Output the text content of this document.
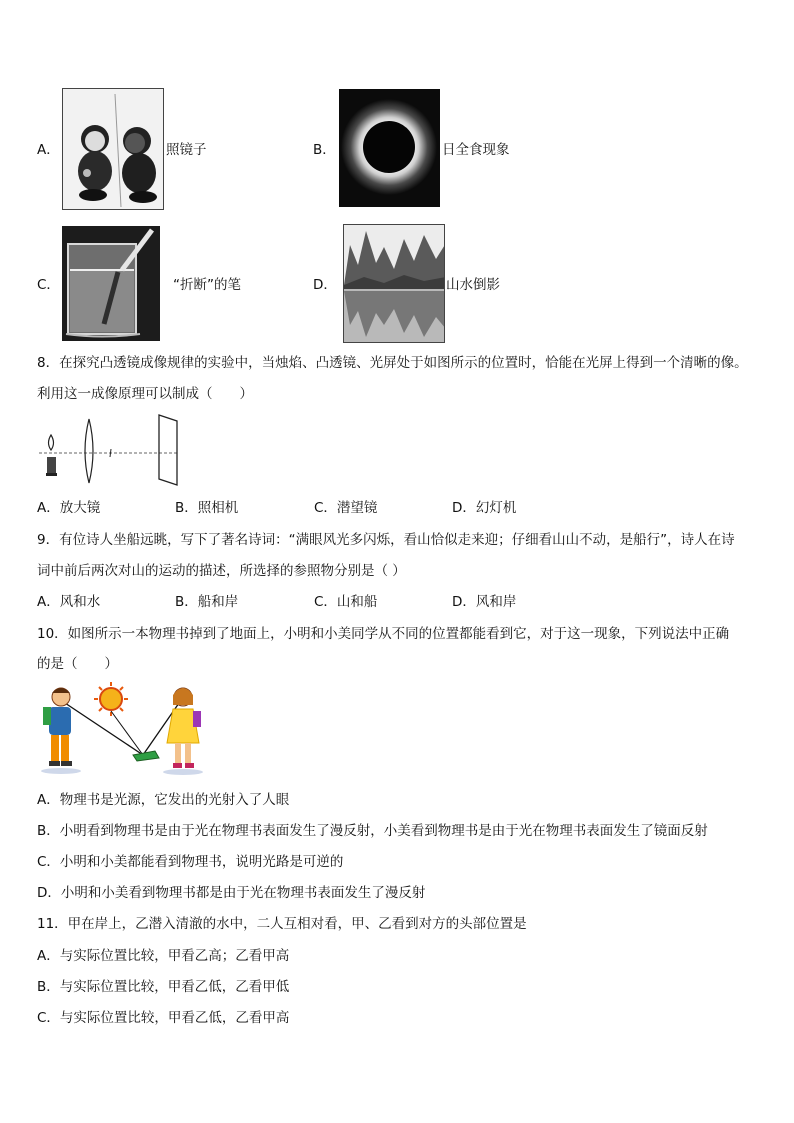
A．	照镜子	B．	日全食现象
C．	“折断”的笔	D．	山水倒影
8．在探究凸透镜成像规律的实验中，当烛焰、凸透镜、光屏处于如图所示的位置时，恰能在光屏上得到一个清晰的像。
利用这一成像原理可以制成（　　）
A．放大镜	B．照相机	C．潜望镜	D．幻灯机
9．有位诗人坐船远眺，写下了著名诗词：“满眼风光多闪烁，看山恰似走来迎；仔细看山山不动，是船行”，诗人在诗
词中前后两次对山的运动的描述，所选择的参照物分别是（ ）
A．风和水	B．船和岸	C．山和船	D．风和岸
10．如图所示一本物理书掉到了地面上，小明和小美同学从不同的位置都能看到它，对于这一现象，下列说法中正确
的是（　　）
A．物理书是光源，它发出的光射入了人眼
B．小明看到物理书是由于光在物理书表面发生了漫反射，小美看到物理书是由于光在物理书表面发生了镜面反射
C．小明和小美都能看到物理书，说明光路是可逆的
D．小明和小美看到物理书都是由于光在物理书表面发生了漫反射
11．甲在岸上，乙潜入清澈的水中，二人互相对看，甲、乙看到对方的头部位置是
A．与实际位置比较，甲看乙高；乙看甲高
B．与实际位置比较，甲看乙低，乙看甲低
C．与实际位置比较，甲看乙低，乙看甲高
